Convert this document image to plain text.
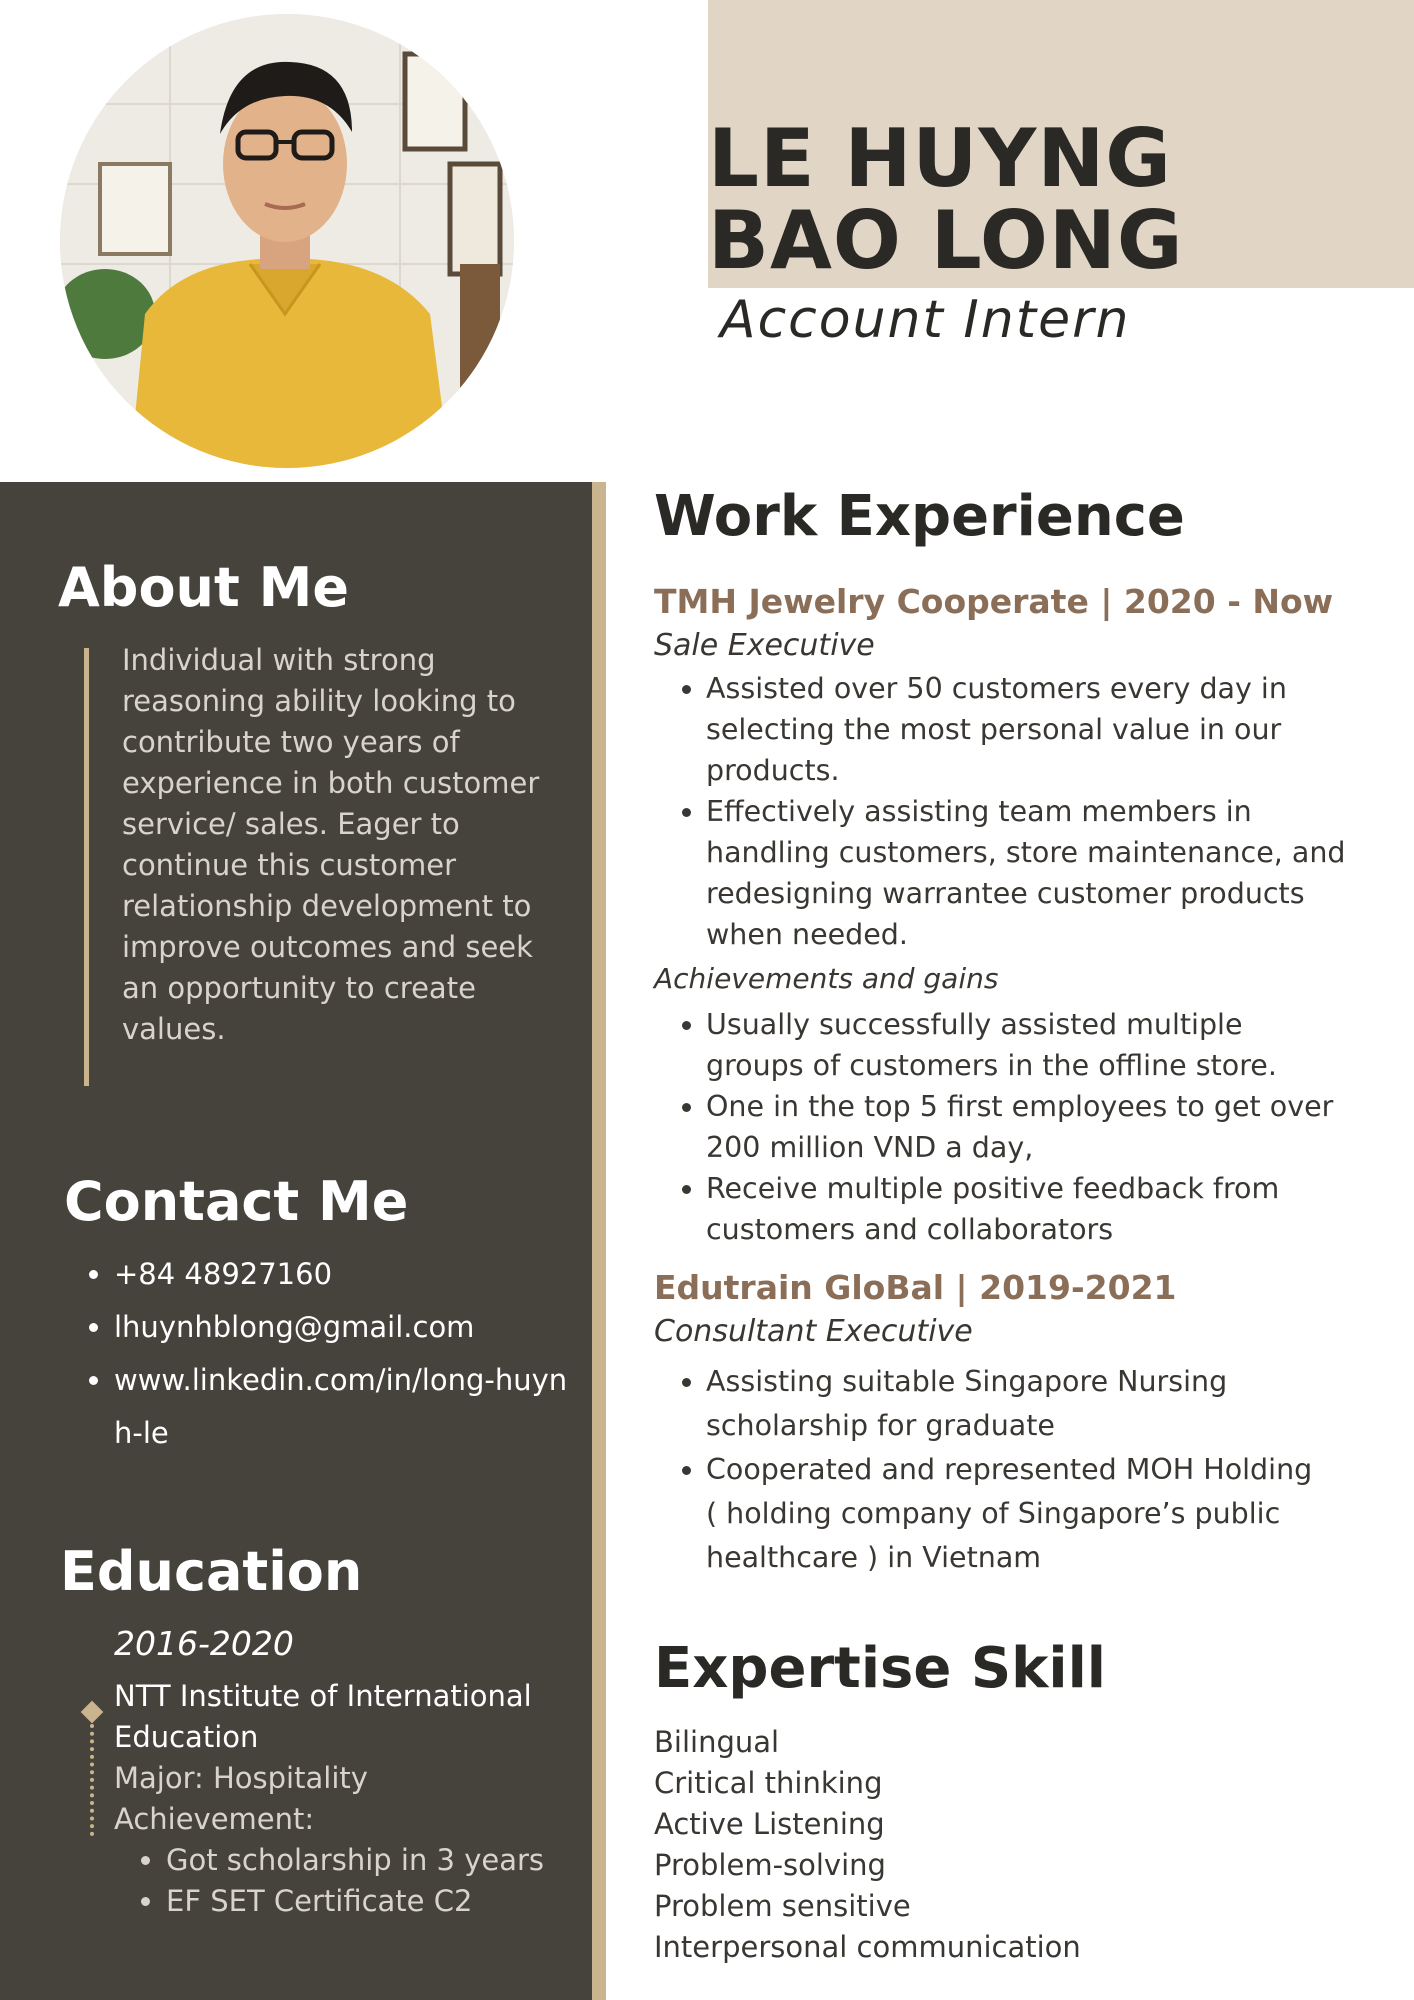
LE HUYNG
BAO LONG
Account Intern
About Me

Individual with strong reasoning ability looking to contribute two years of experience in both customer service/ sales. Eager to continue this customer relationship development to improve outcomes and seek an opportunity to create values.

Contact Me
• +84 48927160
• lhuynhblong@gmail.com
• www.linkedin.com/in/long-huynh-le
Education

2016-2020

NTT Institute of International Education

Major: Hospitality

Achievement:

• Got scholarship in 3 years
• EF SET Certificate C2
Work Experience

TMH Jewelry Cooperate | 2020 - Now

Sale Executive

• Assisted over 50 customers every day in selecting the most personal value in our products.
• Effectively assisting team members in handling customers, store maintenance, and redesigning warrantee customer products when needed.

Achievements and gains

• Usually successfully assisted multiple groups of customers in the offline store.
• One in the top 5 first employees to get over 200 million VND a day,
• Receive multiple positive feedback from customers and collaborators

Edutrain GloBal | 2019-2021

Consultant Executive

• Assisting suitable Singapore Nursing scholarship for graduate
• Cooperated and represented MOH Holding ( holding company of Singapore’s public healthcare ) in Vietnam
Expertise Skill
Bilingual
Critical thinking
Active Listening
Problem-solving
Problem sensitive
Interpersonal communication
